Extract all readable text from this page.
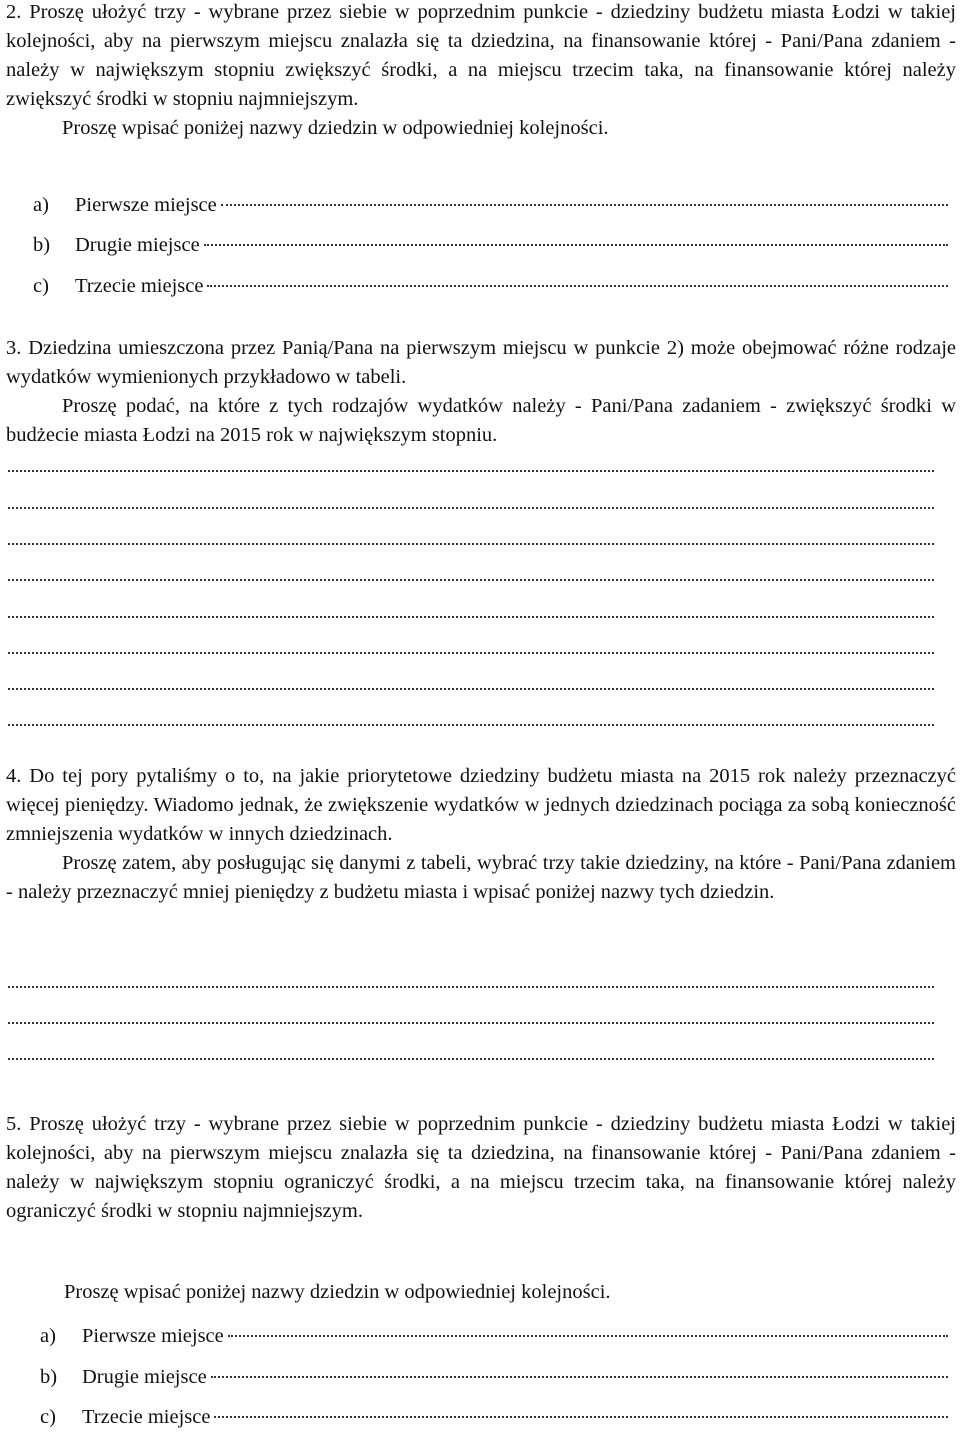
2. Proszę ułożyć trzy - wybrane przez siebie w poprzednim punkcie - dziedziny budżetu miasta Łodzi w takiej kolejności, aby na pierwszym miejscu znalazła się ta dziedzina, na finansowanie której - Pani/Pana zdaniem - należy w największym stopniu zwiększyć środki, a na miejscu trzecim taka, na finansowanie której należy zwiększyć środki w stopniu najmniejszym.

Proszę wpisać poniżej nazwy dziedzin w odpowiedniej kolejności.

a)	Pierwsze miejsce
b)	Drugie miejsce
c)	Trzecie miejsce

3. Dziedzina umieszczona przez Panią/Pana na pierwszym miejscu w punkcie 2) może obejmować różne rodzaje wydatków wymienionych przykładowo w tabeli.

Proszę podać, na które z tych rodzajów wydatków należy - Pani/Pana zadaniem - zwiększyć środki w budżecie miasta Łodzi na 2015 rok w największym stopniu.

4. Do tej pory pytaliśmy o to, na jakie priorytetowe dziedziny budżetu miasta na 2015 rok należy przeznaczyć więcej pieniędzy. Wiadomo jednak, że zwiększenie wydatków w jednych dziedzinach pociąga za sobą konieczność zmniejszenia wydatków w innych dziedzinach.

Proszę zatem, aby posługując się danymi z tabeli, wybrać trzy takie dziedziny, na które - Pani/Pana zdaniem - należy przeznaczyć mniej pieniędzy z budżetu miasta i wpisać poniżej nazwy tych dziedzin.

5. Proszę ułożyć trzy - wybrane przez siebie w poprzednim punkcie - dziedziny budżetu miasta Łodzi w takiej kolejności, aby na pierwszym miejscu znalazła się ta dziedzina, na finansowanie której - Pani/Pana zdaniem - należy w największym stopniu ograniczyć środki, a na miejscu trzecim taka, na finansowanie której należy ograniczyć środki w stopniu najmniejszym.

Proszę wpisać poniżej nazwy dziedzin w odpowiedniej kolejności.

a)	Pierwsze miejsce
b)	Drugie miejsce
c)	Trzecie miejsce
